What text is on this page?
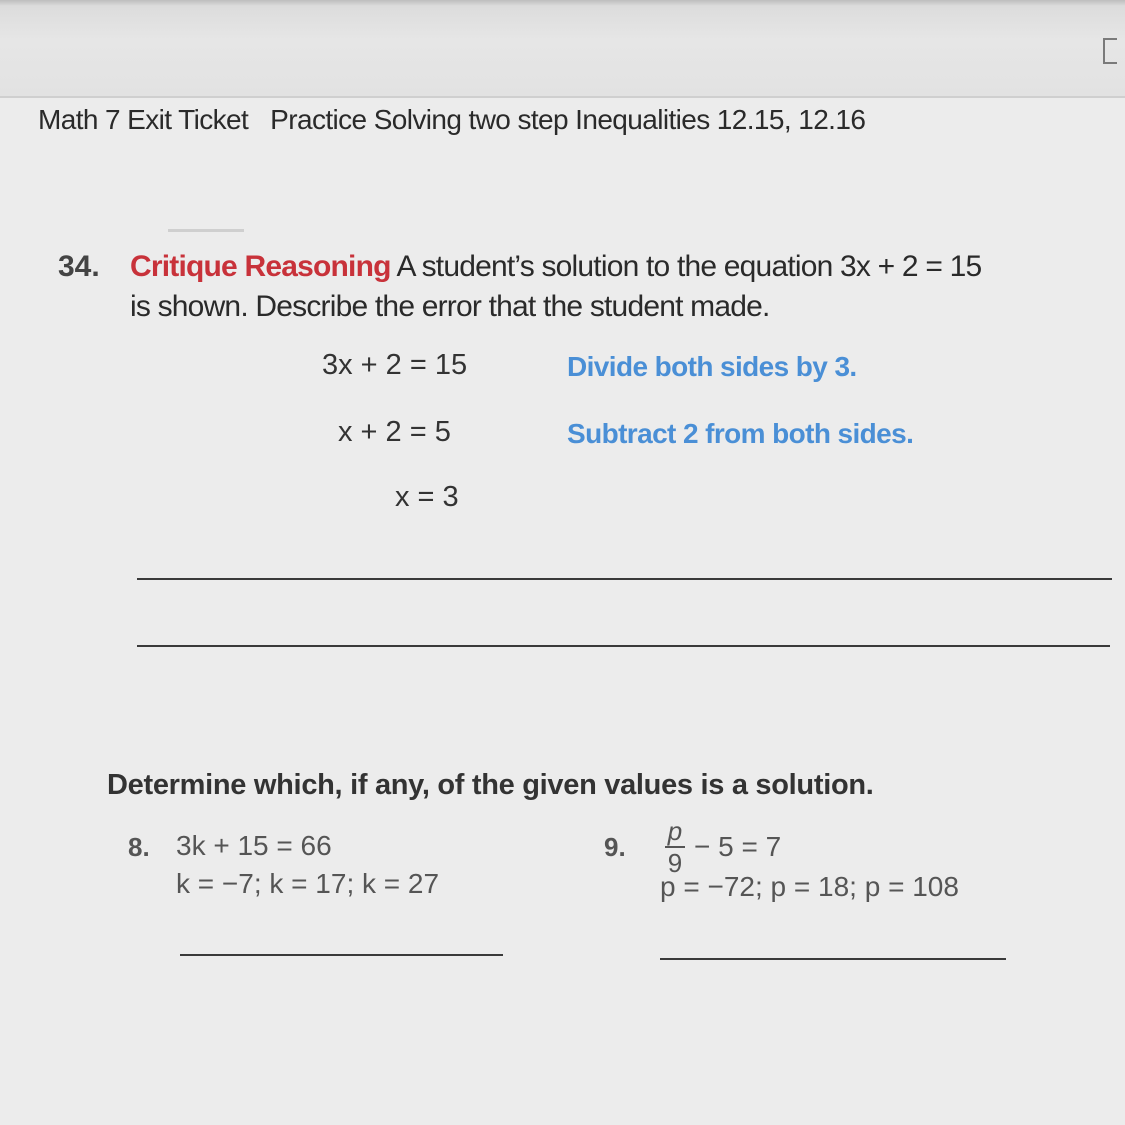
Math 7 Exit Ticket Practice Solving two step Inequalities 12.15, 12.16
34. Critique Reasoning A student’s solution to the equation 3x + 2 = 15
is shown. Describe the error that the student made.
3x + 2 = 15	Divide both sides by 3.
x + 2 = 5	Subtract 2 from both sides.
x = 3
Determine which, if any, of the given values is a solution.
8. 3k + 15 = 66
k = −7; k = 17; k = 27
9.
p
9
− 5 = 7
p = −72; p = 18; p = 108
